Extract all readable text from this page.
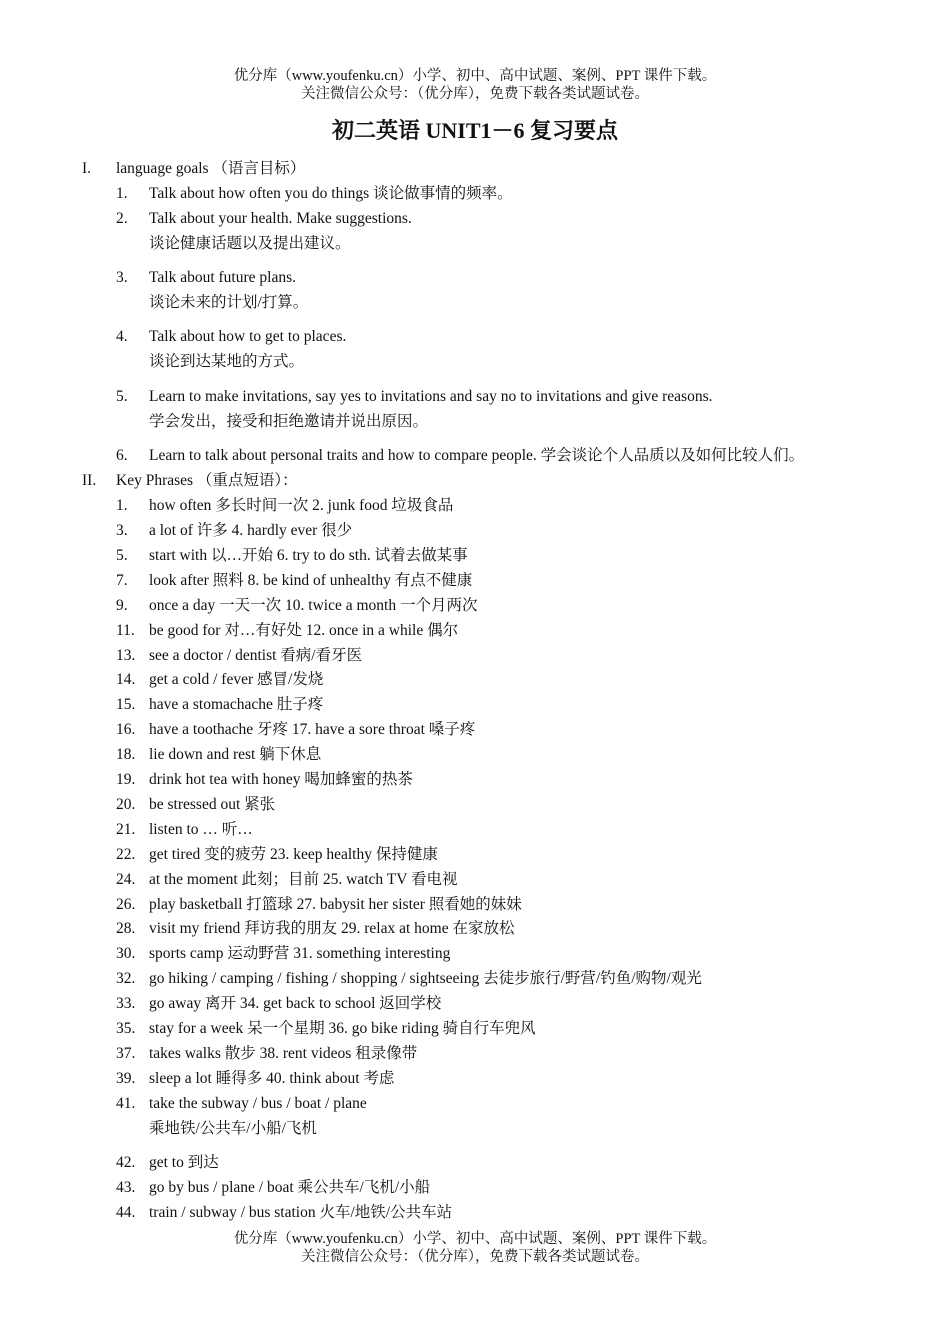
优分库（www.youfenku.cn）小学、初中、高中试题、案例、PPT 课件下载。
关注微信公众号：（优分库），免费下载各类试题试卷。
初二英语 UNIT1－6 复习要点
I. language goals （语言目标）
1. Talk about how often you do things 谈论做事情的频率。
2. Talk about your health. Make suggestions.
谈论健康话题以及提出建议。
3. Talk about future plans.
谈论未来的计划/打算。
4. Talk about how to get to places.
谈论到达某地的方式。
5. Learn to make invitations, say yes to invitations and say no to invitations and give reasons.
学会发出，接受和拒绝邀请并说出原因。
6. Learn to talk about personal traits and how to compare people. 学会谈论个人品质以及如何比较人们。
II. Key Phrases （重点短语）：
1. how often 多长时间一次 2. junk food 垃圾食品
3. a lot of 许多 4. hardly ever 很少
5. start with 以…开始 6. try to do sth. 试着去做某事
7. look after 照料 8. be kind of unhealthy 有点不健康
9. once a day 一天一次 10. twice a month 一个月两次
11. be good for 对…有好处 12. once in a while 偶尔
13. see a doctor / dentist 看病/看牙医
14. get a cold / fever 感冒/发烧
15. have a stomachache 肚子疼
16. have a toothache 牙疼 17. have a sore throat 嗓子疼
18. lie down and rest 躺下休息
19. drink hot tea with honey 喝加蜂蜜的热茶
20. be stressed out 紧张
21. listen to … 听…
22. get tired 变的疲劳 23. keep healthy 保持健康
24. at the moment 此刻；目前 25. watch TV 看电视
26. play basketball 打篮球 27. babysit her sister 照看她的妹妹
28. visit my friend 拜访我的朋友 29. relax at home 在家放松
30. sports camp 运动野营 31. something interesting
32. go hiking / camping / fishing / shopping / sightseeing 去徒步旅行/野营/钓鱼/购物/观光
33. go away 离开 34. get back to school 返回学校
35. stay for a week 呆一个星期 36. go bike riding 骑自行车兜风
37. takes walks 散步 38. rent videos 租录像带
39. sleep a lot 睡得多 40. think about 考虑
41. take the subway / bus / boat / plane
乘地铁/公共车/小船/飞机
42. get to 到达
43. go by bus / plane / boat 乘公共车/飞机/小船
44. train / subway / bus station 火车/地铁/公共车站
优分库（www.youfenku.cn）小学、初中、高中试题、案例、PPT 课件下载。
关注微信公众号：（优分库），免费下载各类试题试卷。
